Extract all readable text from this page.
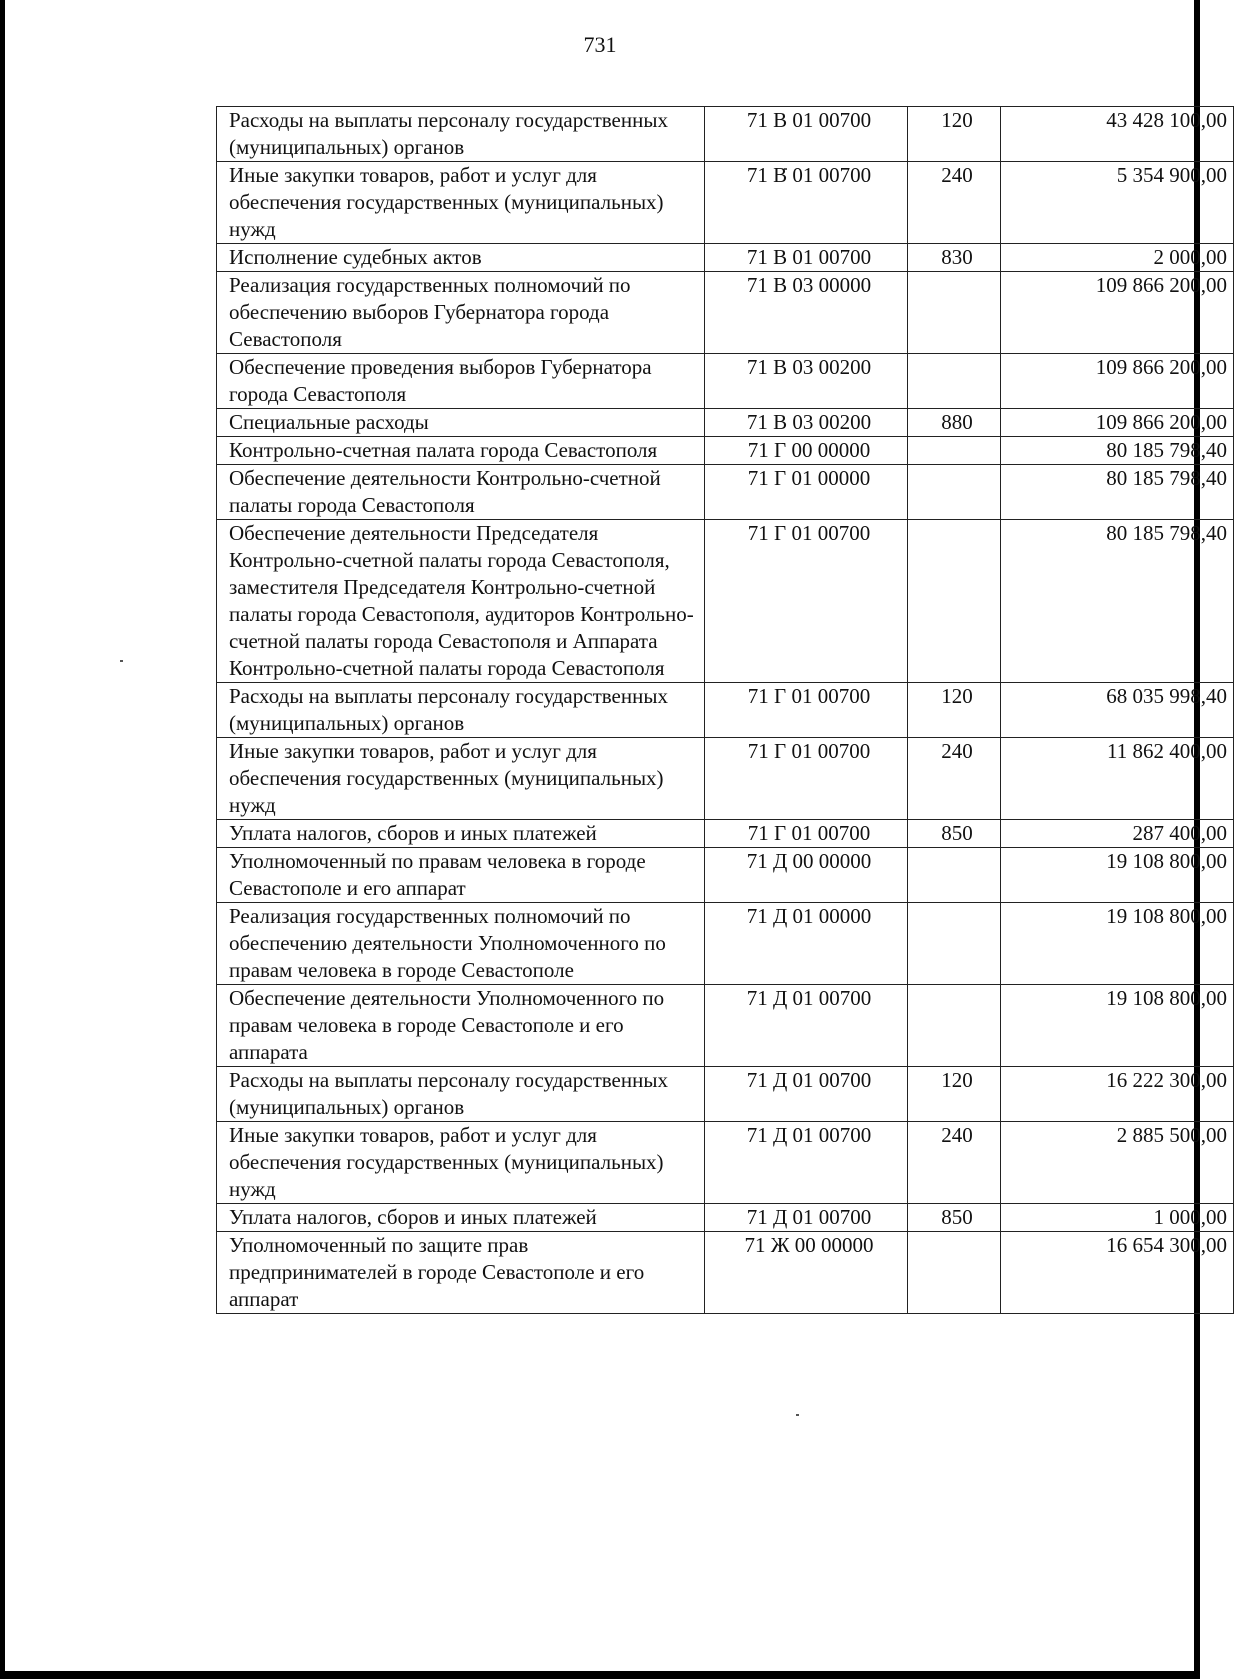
731
Расходы на выплаты персоналу государственных (муниципальных) органов	71 В 01 00700	120	43 428 100,00
Иные закупки товаров, работ и услуг для обеспечения государственных (муниципальных) нужд	71 В 01 00700	240	5 354 900,00
Исполнение судебных актов	71 В 01 00700	830	2 000,00
Реализация государственных полномочий по обеспечению выборов Губернатора города Севастополя	71 В 03 00000		109 866 200,00
Обеспечение проведения выборов Губернатора города Севастополя	71 В 03 00200		109 866 200,00
Специальные расходы	71 В 03 00200	880	109 866 200,00
Контрольно-счетная палата города Севастополя	71 Г 00 00000		80 185 798,40
Обеспечение деятельности Контрольно-счетной палаты города Севастополя	71 Г 01 00000		80 185 798,40
Обеспечение деятельности Председателя Контрольно-счетной палаты города Севастополя, заместителя Председателя Контрольно-счетной палаты города Севастополя, аудиторов Контрольно-счетной палаты города Севастополя и Аппарата Контрольно-счетной палаты города Севастополя	71 Г 01 00700		80 185 798,40
Расходы на выплаты персоналу государственных (муниципальных) органов	71 Г 01 00700	120	68 035 998,40
Иные закупки товаров, работ и услуг для обеспечения государственных (муниципальных) нужд	71 Г 01 00700	240	11 862 400,00
Уплата налогов, сборов и иных платежей	71 Г 01 00700	850	287 400,00
Уполномоченный по правам человека в городе Севастополе и его аппарат	71 Д 00 00000		19 108 800,00
Реализация государственных полномочий по обеспечению деятельности Уполномоченного по правам человека в городе Севастополе	71 Д 01 00000		19 108 800,00
Обеспечение деятельности Уполномоченного по правам человека в городе Севастополе и его аппарата	71 Д 01 00700		19 108 800,00
Расходы на выплаты персоналу государственных (муниципальных) органов	71 Д 01 00700	120	16 222 300,00
Иные закупки товаров, работ и услуг для обеспечения государственных (муниципальных) нужд	71 Д 01 00700	240	2 885 500,00
Уплата налогов, сборов и иных платежей	71 Д 01 00700	850	1 000,00
Уполномоченный по защите прав предпринимателей в городе Севастополе и его аппарат	71 Ж 00 00000		16 654 300,00
